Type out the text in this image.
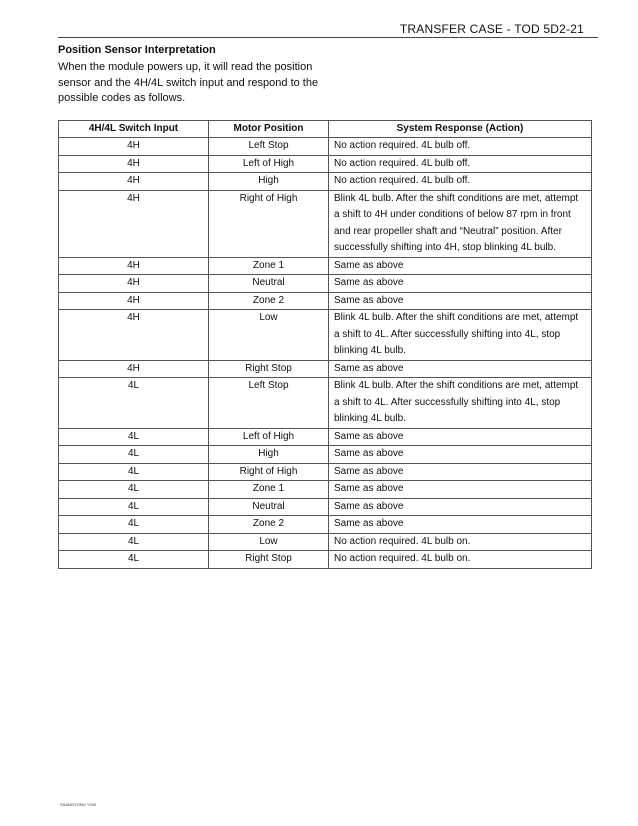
TRANSFER CASE - TOD 5D2-21
Position Sensor Interpretation
When the module powers up, it will read the position sensor and the 4H/4L switch input and respond to the possible codes as follows.
4H/4L Switch Input	Motor Position	System Response (Action)
4H	Left Stop	No action required. 4L bulb off.
4H	Left of High	No action required. 4L bulb off.
4H	High	No action required. 4L bulb off.
4H	Right of High	Blink 4L bulb. After the shift conditions are met, attempt a shift to 4H under conditions of below 87 rpm in front and rear propeller shaft and “Neutral” position. After successfully shifting into 4H, stop blinking 4L bulb.
4H	Zone 1	Same as above
4H	Neutral	Same as above
4H	Zone 2	Same as above
4H	Low	Blink 4L bulb. After the shift conditions are met, attempt a shift to 4L. After successfully shifting into 4L, stop blinking 4L bulb.
4H	Right Stop	Same as above
4L	Left Stop	Blink 4L bulb. After the shift conditions are met, attempt a shift to 4L. After successfully shifting into 4L, stop blinking 4L bulb.
4L	Left of High	Same as above
4L	High	Same as above
4L	Right of High	Same as above
4L	Zone 1	Same as above
4L	Neutral	Same as above
4L	Zone 2	Same as above
4L	Low	No action required. 4L bulb on.
4L	Right Stop	No action required. 4L bulb on.
SSANGYONG Y200
